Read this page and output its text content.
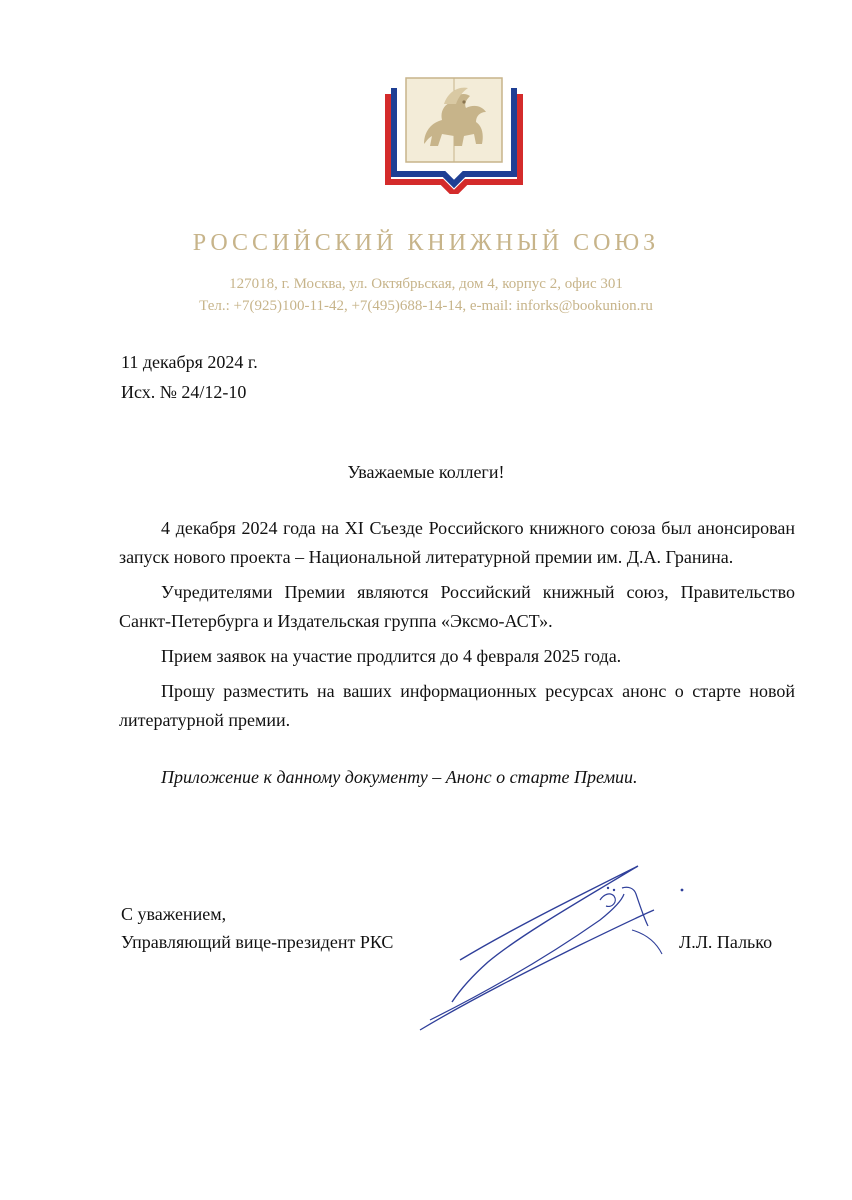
РОССИЙСКИЙ КНИЖНЫЙ СОЮЗ
127018, г. Москва, ул. Октябрьская, дом 4, корпус 2, офис 301
Тел.: +7(925)100-11-42, +7(495)688-14-14, e-mail: inforks@bookunion.ru
11 декабря 2024 г.
Исх. № 24/12-10
Уважаемые коллеги!

4 декабря 2024 года на XI Съезде Российского книжного союза был анонсирован запуск нового проекта – Национальной литературной премии им. Д.А. Гранина.

Учредителями Премии являются Российский книжный союз, Правительство Санкт-Петербурга и Издательская группа «Эксмо-АСТ».

Прием заявок на участие продлится до 4 февраля 2025 года.

Прошу разместить на ваших информационных ресурсах анонс о старте новой литературной премии.

Приложение к данному документу – Анонс о старте Премии.

С уважением,
Управляющий вице-президент РКС	Л.Л. Палько
